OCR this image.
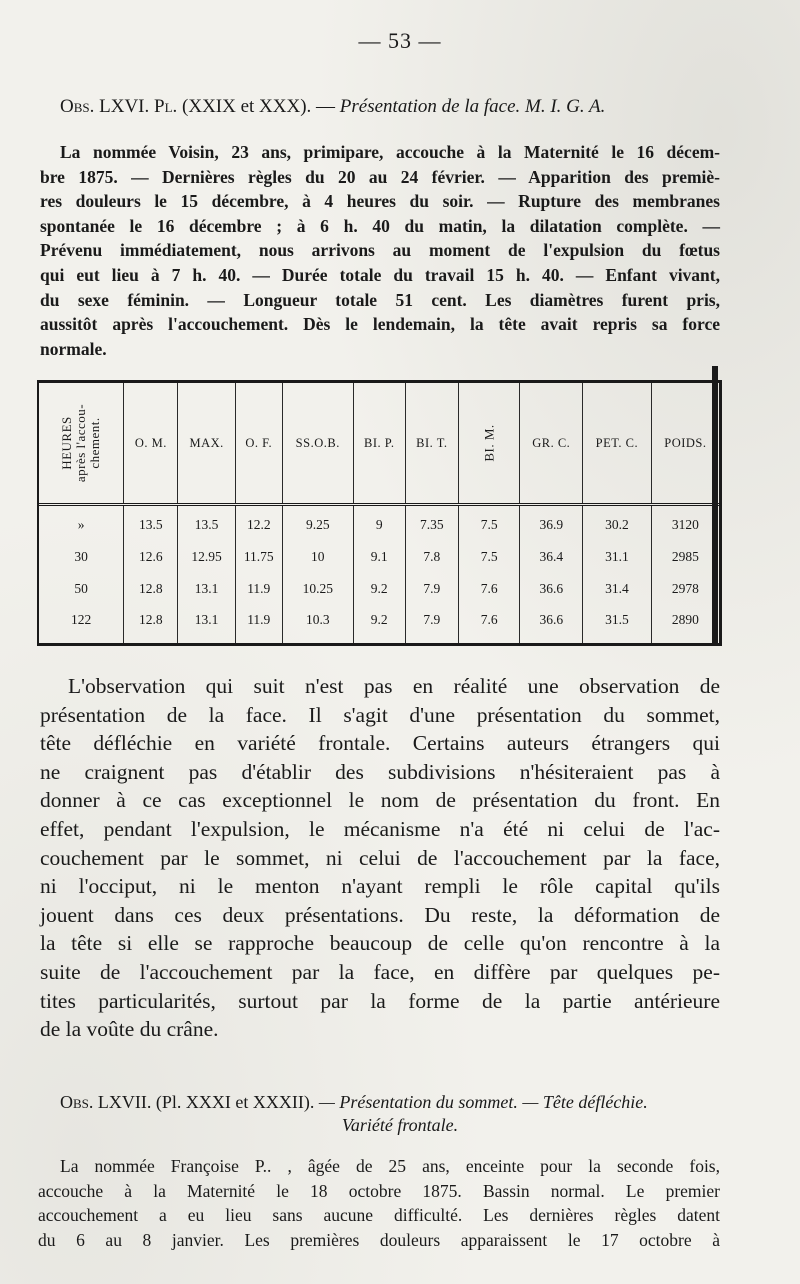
— 53 —
Obs. LXVI. Pl. (XXIX et XXX). — Présentation de la face. M. I. G. A.
La nommée Voisin, 23 ans, primipare, accouche à la Maternité le 16 décem-
bre 1875. — Dernières règles du 20 au 24 février. — Apparition des premiè-
res douleurs le 15 décembre, à 4 heures du soir. — Rupture des membranes
spontanée le 16 décembre ; à 6 h. 40 du matin, la dilatation complète. —
Prévenu immédiatement, nous arrivons au moment de l'expulsion du fœtus
qui eut lieu à 7 h. 40. — Durée totale du travail 15 h. 40. — Enfant vivant,
du sexe féminin. — Longueur totale 51 cent. Les diamètres furent pris,
aussitôt après l'accouchement. Dès le lendemain, la tête avait repris sa force
normale.
HEURES
après l'accou-
chement.	O. M.	MAX.	O. F.	SS.O.B.	BI. P.	BI. T.	BI. M.	GR. C.	PET. C.	POIDS.

»	13.5	13.5	12.2	9.25	9	7.35	7.5	36.9	30.2	3120
30	12.6	12.95	11.75	10	9.1	7.8	7.5	36.4	31.1	2985
50	12.8	13.1	11.9	10.25	9.2	7.9	7.6	36.6	31.4	2978
122	12.8	13.1	11.9	10.3	9.2	7.9	7.6	36.6	31.5	2890

L'observation qui suit n'est pas en réalité une observation de
présentation de la face. Il s'agit d'une présentation du sommet,
tête défléchie en variété frontale. Certains auteurs étrangers qui
ne craignent pas d'établir des subdivisions n'hésiteraient pas à
donner à ce cas exceptionnel le nom de présentation du front. En
effet, pendant l'expulsion, le mécanisme n'a été ni celui de l'ac-
couchement par le sommet, ni celui de l'accouchement par la face,
ni l'occiput, ni le menton n'ayant rempli le rôle capital qu'ils
jouent dans ces deux présentations. Du reste, la déformation de
la tête si elle se rapproche beaucoup de celle qu'on rencontre à la
suite de l'accouchement par la face, en diffère par quelques pe-
tites particularités, surtout par la forme de la partie antérieure
de la voûte du crâne.
Obs. LXVII. (Pl. XXXI et XXXII). — Présentation du sommet. — Tête défléchie.
Variété frontale.
La nommée Françoise P.. , âgée de 25 ans, enceinte pour la seconde fois,
accouche à la Maternité le 18 octobre 1875. Bassin normal. Le premier
accouchement a eu lieu sans aucune difficulté. Les dernières règles datent
du 6 au 8 janvier. Les premières douleurs apparaissent le 17 octobre à
